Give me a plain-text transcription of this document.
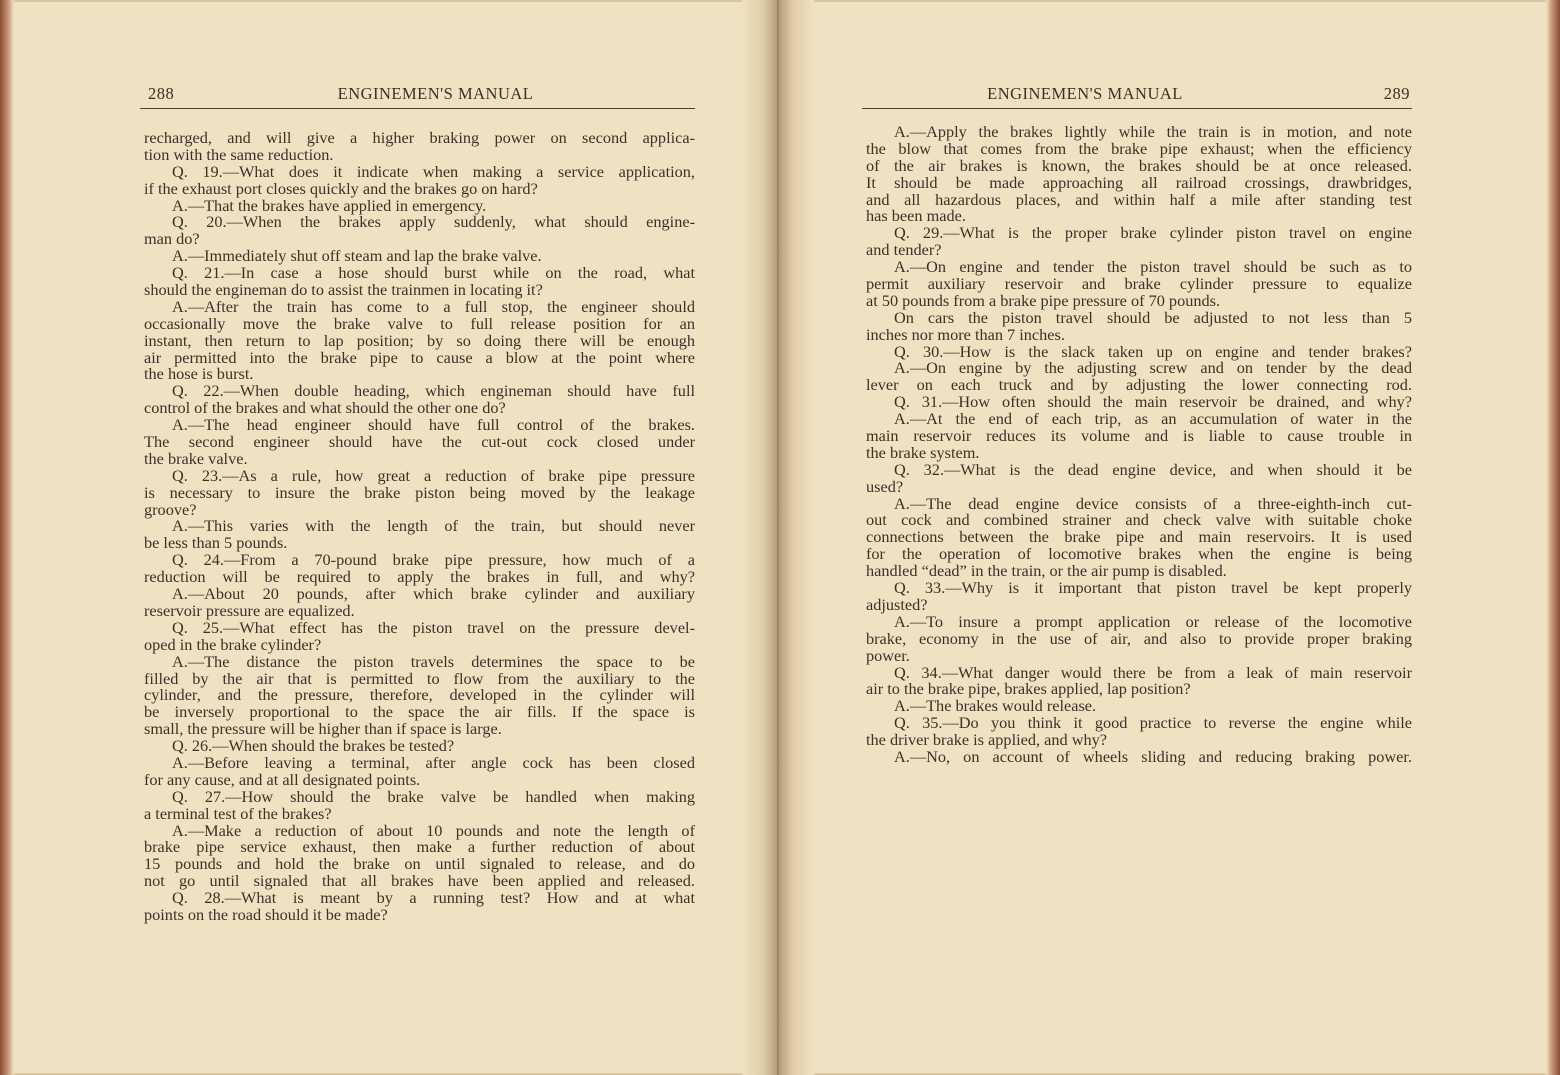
288	ENGINEMEN'S MANUAL
recharged, and will give a higher braking power on second applica-
tion with the same reduction.
Q. 19.—What does it indicate when making a service application,
if the exhaust port closes quickly and the brakes go on hard?
A.—That the brakes have applied in emergency.
Q. 20.—When the brakes apply suddenly, what should engine-
man do?
A.—Immediately shut off steam and lap the brake valve.
Q. 21.—In case a hose should burst while on the road, what
should the engineman do to assist the trainmen in locating it?
A.—After the train has come to a full stop, the engineer should
occasionally move the brake valve to full release position for an
instant, then return to lap position; by so doing there will be enough
air permitted into the brake pipe to cause a blow at the point where
the hose is burst.
Q. 22.—When double heading, which engineman should have full
control of the brakes and what should the other one do?
A.—The head engineer should have full control of the brakes.
The second engineer should have the cut-out cock closed under
the brake valve.
Q. 23.—As a rule, how great a reduction of brake pipe pressure
is necessary to insure the brake piston being moved by the leakage
groove?
A.—This varies with the length of the train, but should never
be less than 5 pounds.
Q. 24.—From a 70-pound brake pipe pressure, how much of a
reduction will be required to apply the brakes in full, and why?
A.—About 20 pounds, after which brake cylinder and auxiliary
reservoir pressure are equalized.
Q. 25.—What effect has the piston travel on the pressure devel-
oped in the brake cylinder?
A.—The distance the piston travels determines the space to be
filled by the air that is permitted to flow from the auxiliary to the
cylinder, and the pressure, therefore, developed in the cylinder will
be inversely proportional to the space the air fills. If the space is
small, the pressure will be higher than if space is large.
Q. 26.—When should the brakes be tested?
A.—Before leaving a terminal, after angle cock has been closed
for any cause, and at all designated points.
Q. 27.—How should the brake valve be handled when making
a terminal test of the brakes?
A.—Make a reduction of about 10 pounds and note the length of
brake pipe service exhaust, then make a further reduction of about
15 pounds and hold the brake on until signaled to release, and do
not go until signaled that all brakes have been applied and released.
Q. 28.—What is meant by a running test? How and at what
points on the road should it be made?
ENGINEMEN'S MANUAL	289
A.—Apply the brakes lightly while the train is in motion, and note
the blow that comes from the brake pipe exhaust; when the efficiency
of the air brakes is known, the brakes should be at once released.
It should be made approaching all railroad crossings, drawbridges,
and all hazardous places, and within half a mile after standing test
has been made.
Q. 29.—What is the proper brake cylinder piston travel on engine
and tender?
A.—On engine and tender the piston travel should be such as to
permit auxiliary reservoir and brake cylinder pressure to equalize
at 50 pounds from a brake pipe pressure of 70 pounds.
On cars the piston travel should be adjusted to not less than 5
inches nor more than 7 inches.
Q. 30.—How is the slack taken up on engine and tender brakes?
A.—On engine by the adjusting screw and on tender by the dead
lever on each truck and by adjusting the lower connecting rod.
Q. 31.—How often should the main reservoir be drained, and why?
A.—At the end of each trip, as an accumulation of water in the
main reservoir reduces its volume and is liable to cause trouble in
the brake system.
Q. 32.—What is the dead engine device, and when should it be
used?
A.—The dead engine device consists of a three-eighth-inch cut-
out cock and combined strainer and check valve with suitable choke
connections between the brake pipe and main reservoirs. It is used
for the operation of locomotive brakes when the engine is being
handled “dead” in the train, or the air pump is disabled.
Q. 33.—Why is it important that piston travel be kept properly
adjusted?
A.—To insure a prompt application or release of the locomotive
brake, economy in the use of air, and also to provide proper braking
power.
Q. 34.—What danger would there be from a leak of main reservoir
air to the brake pipe, brakes applied, lap position?
A.—The brakes would release.
Q. 35.—Do you think it good practice to reverse the engine while
the driver brake is applied, and why?
A.—No, on account of wheels sliding and reducing braking power.
